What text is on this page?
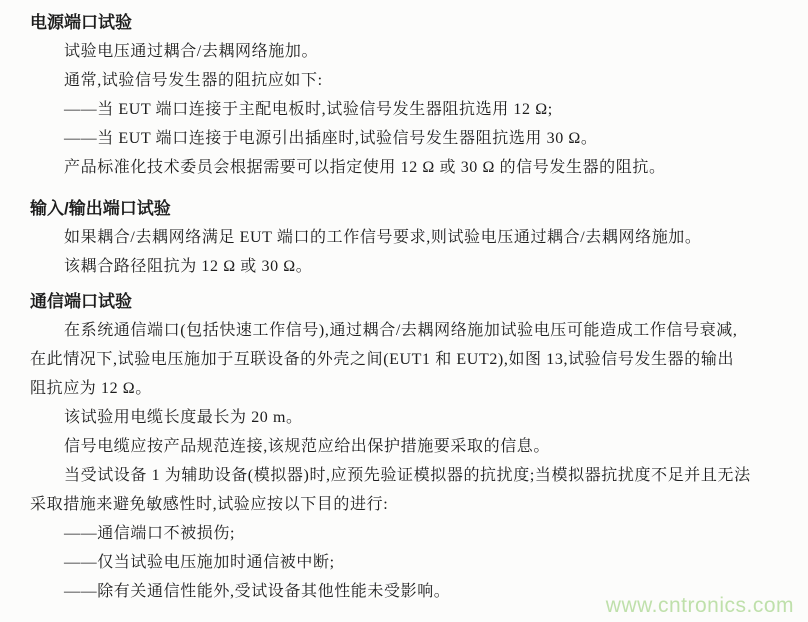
电源端口试验
试验电压通过耦合/去耦网络施加。
通常,试验信号发生器的阻抗应如下:
——当 EUT 端口连接于主配电板时,试验信号发生器阻抗选用 12 Ω;
——当 EUT 端口连接于电源引出插座时,试验信号发生器阻抗选用 30 Ω。
产品标准化技术委员会根据需要可以指定使用 12 Ω 或 30 Ω 的信号发生器的阻抗。
输入/输出端口试验
如果耦合/去耦网络满足 EUT 端口的工作信号要求,则试验电压通过耦合/去耦网络施加。
该耦合路径阻抗为 12 Ω 或 30 Ω。
通信端口试验
在系统通信端口(包括快速工作信号),通过耦合/去耦网络施加试验电压可能造成工作信号衰减,
在此情况下,试验电压施加于互联设备的外壳之间(EUT1 和 EUT2),如图 13,试验信号发生器的输出
阻抗应为 12 Ω。
该试验用电缆长度最长为 20 m。
信号电缆应按产品规范连接,该规范应给出保护措施要采取的信息。
当受试设备 1 为辅助设备(模拟器)时,应预先验证模拟器的抗扰度;当模拟器抗扰度不足并且无法
采取措施来避免敏感性时,试验应按以下目的进行:
——通信端口不被损伤;
——仅当试验电压施加时通信被中断;
——除有关通信性能外,受试设备其他性能未受影响。
www.cntronics.com
